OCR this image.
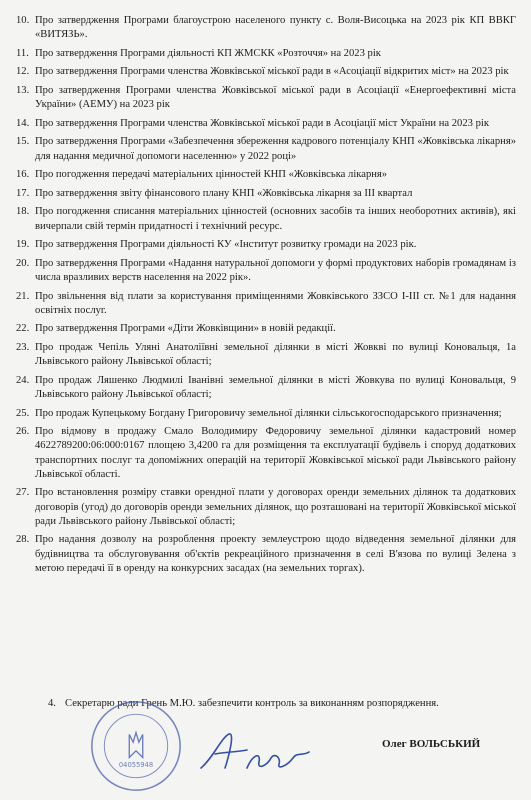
10. Про затвердження Програми благоустрою населеного пункту с. Воля-Висоцька на 2023 рік КП ВВКГ «ВИТЯЗЬ».
11. Про затвердження Програми діяльності КП ЖМСКК «Розточчя» на 2023 рік
12. Про затвердження Програми членства Жовківської міської ради в «Асоціації відкритих міст» на 2023 рік
13. Про затвердження Програми членства Жовківської міської ради в Асоціації «Енергоефективні міста України» (АЕМУ) на 2023 рік
14. Про затвердження Програми членства Жовківської міської ради в Асоціації міст України на 2023 рік
15. Про затвердження Програми «Забезпечення збереження кадрового потенціалу КНП «Жовківська лікарня» для надання медичної допомоги населенню» у 2022 році»
16. Про погодження передачі матеріальних цінностей КНП «Жовківська лікарня»
17. Про затвердження звіту фінансового плану КНП «Жовківська лікарня за ІІІ квартал
18. Про погодження списання матеріальних цінностей (основних засобів та інших необоротних активів), які вичерпали свій термін придатності і технічний ресурс.
19. Про затвердження Програми діяльності КУ «Інститут розвитку громади на 2023 рік.
20. Про затвердження Програми «Надання натуральної допомоги у формі продуктових наборів громадянам із числа вразливих верств населення на 2022 рік».
21. Про звільнення від плати за користування приміщеннями Жовківського ЗЗСО І-ІІІ ст. №1 для надання освітніх послуг.
22. Про затвердження Програми «Діти Жовківщини» в новій редакції.
23. Про продаж Чепіль Уляні Анатоліївні земельної ділянки в місті Жовкві по вулиці Коновальця, 1а Львівського району Львівської області;
24. Про продаж Ляшенко Людмилі Іванівні земельної ділянки в місті Жовкува по вулиці Коновальця, 9 Львівського району Львівської області;
25. Про продаж Купецькому Богдану Григоровичу земельної ділянки сільськогосподарського призначення;
26. Про відмову в продажу Смало Володимиру Федоровичу земельної ділянки кадастровий номер 4622789200:06:000:0167 площею 3,4200 га для розміщення та експлуатації будівель і споруд додаткових транспортних послуг та допоміжних операцій на території Жовківської міської ради Львівського району Львівської області.
27. Про встановлення розміру ставки орендної плати у договорах оренди земельних ділянок та додаткових договорів (угод) до договорів оренди земельних ділянок, що розташовані на території Жовківської міської ради Львівського району Львівської області;
28. Про надання дозволу на розроблення проекту землеустрою щодо відведення земельної ділянки для будівництва та обслуговування об'єктів рекреаційного призначення в селі В'язова по вулиці Зелена з метою передачі її в оренду на конкурсних засадах (на земельних торгах).
4. Секретарю ради Грень М.Ю. забезпечити контроль за виконанням розпорядження.
04055948
Олег ВОЛЬСЬКИЙ
